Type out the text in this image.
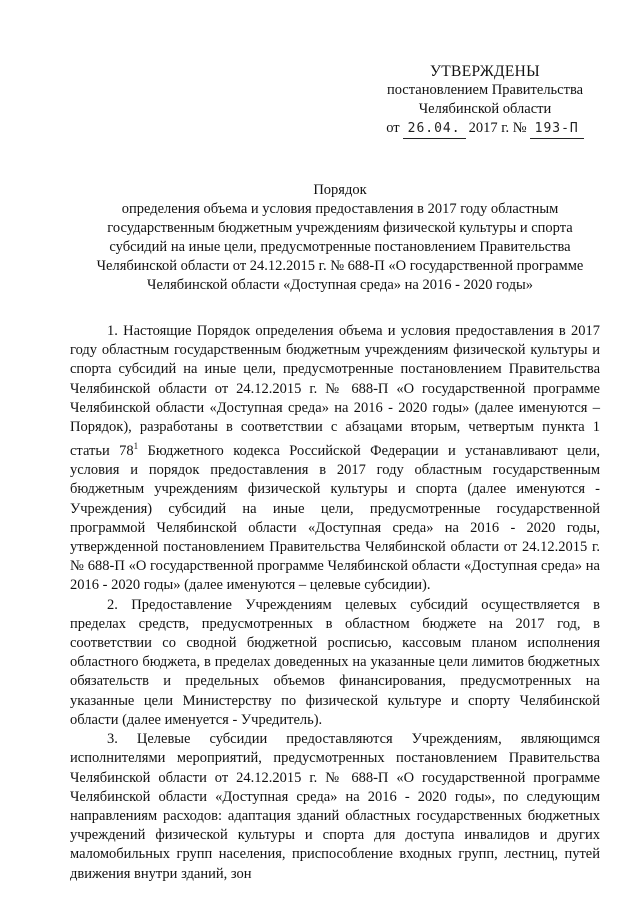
УТВЕРЖДЕНЫ
постановлением Правительства
Челябинской области
от 26.04. 2017 г. № 193-П
Порядок
определения объема и условия предоставления в 2017 году областным
государственным бюджетным учреждениям физической культуры и спорта
субсидий на иные цели, предусмотренные постановлением Правительства
Челябинской области от 24.12.2015 г. № 688-П «О государственной программе
Челябинской области «Доступная среда» на 2016 - 2020 годы»

1. Настоящие Порядок определения объема и условия предоставления в 2017 году областным государственным бюджетным учреждениям физической культуры и спорта субсидий на иные цели, предусмотренные постановлением Правительства Челябинской области от 24.12.2015 г. № 688-П «О государственной программе Челябинской области «Доступная среда» на 2016 - 2020 годы» (далее именуются – Порядок), разработаны в соответствии с абзацами вторым, четвертым пункта 1 статьи $78^1$ Бюджетного кодекса Российской Федерации и устанавливают цели, условия и порядок предоставления в 2017 году областным государственным бюджетным учреждениям физической культуры и спорта (далее именуются - Учреждения) субсидий на иные цели, предусмотренные государственной программой Челябинской области «Доступная среда» на 2016 - 2020 годы, утвержденной постановлением Правительства Челябинской области от 24.12.2015 г. № 688-П «О государственной программе Челябинской области «Доступная среда» на 2016 - 2020 годы» (далее именуются – целевые субсидии).

2. Предоставление Учреждениям целевых субсидий осуществляется в пределах средств, предусмотренных в областном бюджете на 2017 год, в соответствии со сводной бюджетной росписью, кассовым планом исполнения областного бюджета, в пределах доведенных на указанные цели лимитов бюджетных обязательств и предельных объемов финансирования, предусмотренных на указанные цели Министерству по физической культуре и спорту Челябинской области (далее именуется - Учредитель).

3. Целевые субсидии предоставляются Учреждениям, являющимся исполнителями мероприятий, предусмотренных постановлением Правительства Челябинской области от 24.12.2015 г. № 688-П «О государственной программе Челябинской области «Доступная среда» на 2016 - 2020 годы», по следующим направлениям расходов: адаптация зданий областных государственных бюджетных учреждений физической культуры и спорта для доступа инвалидов и других маломобильных групп населения, приспособление входных групп, лестниц, путей движения внутри зданий, зон
